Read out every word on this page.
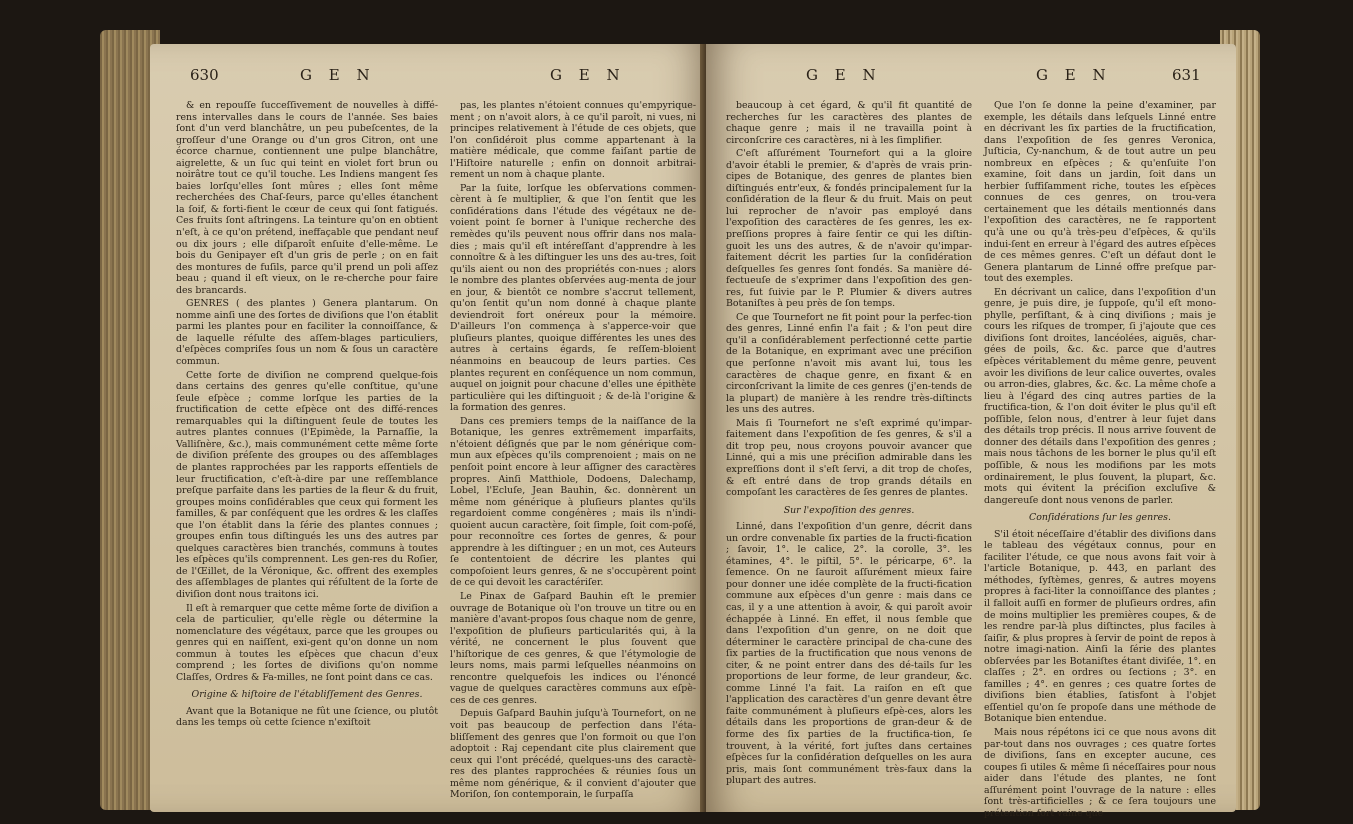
630	G E N	G E N

& en repouſſe ſucceſſivement de nouvelles à diffé-rens intervalles dans le cours de l'année. Ses baies ſont d'un verd blanchâtre, un peu pubeſcentes, de la groſſeur d'une Orange ou d'un gros Citron, ont une écorce charnue, contiennent une pulpe blanchâtre, aigrelette, & un ſuc qui teint en violet fort brun ou noirâtre tout ce qu'il touche. Les Indiens mangent ſes baies lorſqu'elles ſont mûres ; elles ſont même recherchées des Chaſ-ſeurs, parce qu'elles étanchent la ſoif, & forti-fient le cœur de ceux qui ſont fatigués. Ces fruits ſont aſtringens. La teinture qu'on en obtient n'eſt, à ce qu'on prétend, ineffaçable que pendant neuf ou dix jours ; elle diſparoît enſuite d'elle-même. Le bois du Genipayer eſt d'un gris de perle ; on en fait des montures de fuſils, parce qu'il prend un poli aſſez beau ; quand il eſt vieux, on le re-cherche pour faire des brancards.

GENRES ( des plantes ) Genera plantarum. On nomme ainſi une des ſortes de diviſions que l'on établit parmi les plantes pour en faciliter la connoiſſance, & de laquelle réſulte des aſſem-blages particuliers, d'eſpèces compriſes ſous un nom & ſous un caractère commun.

Cette ſorte de diviſion ne comprend quelque-fois dans certains des genres qu'elle conſtitue, qu'une ſeule eſpèce ; comme lorſque les parties de la fructification de cette eſpèce ont des diffé-rences remarquables qui la diſtinguent ſeule de toutes les autres plantes connues (l'Epimède, la Parnaſſie, la Valliſnère, &c.), mais communément cette même ſorte de diviſion préſente des groupes ou des aſſemblages de plantes rapprochées par les rapports eſſentiels de leur fructification, c'eſt-à-dire par une reſſemblance preſque parfaite dans les parties de la fleur & du fruit, groupes moins conſidérables que ceux qui forment les familles, & par conſéquent que les ordres & les claſſes que l'on établit dans la ſérie des plantes connues ; groupes enfin tous diſtingués les uns des autres par quelques caractères bien tranchés, communs à toutes les eſpèces qu'ils comprennent. Les gen-res du Roſier, de l'Œillet, de la Véronique, &c. offrent des exemples des aſſemblages de plantes qui réſultent de la ſorte de diviſion dont nous traitons ici.

Il eſt à remarquer que cette même ſorte de diviſion a cela de particulier, qu'elle règle ou détermine la nomenclature des végétaux, parce que les groupes ou genres qui en naiſſent, exi-gent qu'on donne un nom commun à toutes les eſpèces que chacun d'eux comprend ; les ſortes de diviſions qu'on nomme Claſſes, Ordres & Fa-milles, ne ſont point dans ce cas.

Origine & hiſtoire de l'établiſſement des Genres.

Avant que la Botanique ne fût une ſcience, ou plutôt dans les temps où cette ſcience n'exiſtoit

pas, les plantes n'étoient connues qu'empyrique-ment ; on n'avoit alors, à ce qu'il paroît, ni vues, ni principes relativement à l'étude de ces objets, que l'on conſidéroit plus comme appartenant à la matière médicale, que comme faiſant partie de l'Hiſtoire naturelle ; enfin on donnoit arbitrai-rement un nom à chaque plante.

Par la ſuite, lorſque les obſervations commen-cèrent à ſe multiplier, & que l'on ſentit que les conſidérations dans l'étude des végétaux ne de-voient point ſe borner à l'unique recherche des remèdes qu'ils peuvent nous offrir dans nos mala-dies ; mais qu'il eſt intéreſſant d'apprendre à les connoître & à les diſtinguer les uns des au-tres, ſoit qu'ils aient ou non des propriétés con-nues ; alors le nombre des plantes obſervées aug-menta de jour en jour, & bientôt ce nombre s'accrut tellement, qu'on ſentit qu'un nom donné à chaque plante deviendroit fort onéreux pour la mémoire. D'ailleurs l'on commença à s'apperce-voir que pluſieurs plantes, quoique différentes les unes des autres à certains égards, ſe reſſem-bloient néanmoins en beaucoup de leurs parties. Ces plantes reçurent en conſéquence un nom commun, auquel on joignit pour chacune d'elles une épithète particulière qui les diſtinguoit ; & de-là l'origine & la formation des genres.

Dans ces premiers temps de la naiſſance de la Botanique, les genres extrêmement imparfaits, n'étoient déſignés que par le nom générique com-mun aux eſpèces qu'ils comprenoient ; mais on ne penſoit point encore à leur aſſigner des caractères propres. Ainſi Matthiole, Dodoens, Dalechamp, Lobel, l'Ecluſe, Jean Bauhin, &c. donnèrent un même nom générique à pluſieurs plantes qu'ils regardoient comme congénères ; mais ils n'indi-quoient aucun caractère, ſoit ſimple, ſoit com-poſé, pour reconnoître ces ſortes de genres, & pour apprendre à les diſtinguer ; en un mot, ces Auteurs ſe contentoient de décrire les plantes qui compoſoient leurs genres, & ne s'occupèrent point de ce qui devoit les caractériſer.

Le Pinax de Gaſpard Bauhin eſt le premier ouvrage de Botanique où l'on trouve un titre ou en manière d'avant-propos ſous chaque nom de genre, l'expoſition de pluſieurs particularités qui, à la vérité, ne concernent le plus ſouvent que l'hiſtorique de ces genres, & que l'étymologie de leurs noms, mais parmi leſquelles néanmoins on rencontre quelquefois les indices ou l'énoncé vague de quelques caractères communs aux eſpè-ces de ces genres.

Depuis Gaſpard Bauhin juſqu'à Tournefort, on ne voit pas beaucoup de perfection dans l'éta-bliſſement des genres que l'on formoit ou que l'on adoptoit : Raj cependant cite plus clairement que ceux qui l'ont précédé, quelques-uns des caractè-res des plantes rapprochées & réunies ſous un même nom générique, & il convient d'ajouter que Moriſon, ſon contemporain, le ſurpaſſa

G E N	G E N	631

beaucoup à cet égard, & qu'il fit quantité de recherches ſur les caractères des plantes de chaque genre ; mais il ne travailla point à circonſcrire ces caractères, ni à les ſimplifier.

C'eſt aſſurément Tournefort qui a la gloire d'avoir établi le premier, & d'après de vrais prin-cipes de Botanique, des genres de plantes bien diſtingués entr'eux, & fondés principalement ſur la conſidération de la fleur & du fruit. Mais on peut lui reprocher de n'avoir pas employé dans l'expoſition des caractères de ſes genres, les ex-preſſions propres à faire ſentir ce qui les diſtin-guoit les uns des autres, & de n'avoir qu'impar-faitement décrit les parties ſur la conſidération deſquelles ſes genres ſont fondés. Sa manière dé-fectueuſe de s'exprimer dans l'expoſition des gen-res, fut ſuivie par le P. Plumier & divers autres Botaniſtes à peu près de ſon temps.

Ce que Tournefort ne fit point pour la perfec-tion des genres, Linné enfin l'a fait ; & l'on peut dire qu'il a conſidérablement perfectionné cette partie de la Botanique, en exprimant avec une préciſion que perſonne n'avoit mis avant lui, tous les caractères de chaque genre, en fixant & en circonſcrivant la limite de ces genres (j'en-tends de la plupart) de manière à les rendre très-diſtincts les uns des autres.

Mais ſi Tournefort ne s'eſt exprimé qu'impar-faitement dans l'expoſition de ſes genres, & s'il a dit trop peu, nous croyons pouvoir avancer que Linné, qui a mis une préciſion admirable dans les expreſſions dont il s'eſt ſervi, a dit trop de choſes, & eſt entré dans de trop grands détails en compoſant les caractères de ſes genres de plantes.

Sur l'expoſition des genres.

Linné, dans l'expoſition d'un genre, décrit dans un ordre convenable ſix parties de la fructi-fication ; ſavoir, 1°. le calice, 2°. la corolle, 3°. les étamines, 4°. le piſtil, 5°. le péricarpe, 6°. la ſemence. On ne ſauroit aſſurément mieux faire pour donner une idée complète de la fructi-fication commune aux eſpèces d'un genre : mais dans ce cas, il y a une attention à avoir, & qui paroît avoir échappée à Linné. En effet, il nous ſemble que dans l'expoſition d'un genre, on ne doit que déterminer le caractère principal de cha-cune des ſix parties de la fructification que nous venons de citer, & ne point entrer dans des dé-tails ſur les proportions de leur forme, de leur grandeur, &c. comme Linné l'a fait. La raiſon en eſt que l'application des caractères d'un genre devant être faite communément à pluſieurs eſpè-ces, alors les détails dans les proportions de gran-deur & de forme des ſix parties de la fructifica-tion, ſe trouvent, à la vérité, fort juſtes dans certaines eſpèces ſur la conſidération deſquelles on les aura pris, mais ſont communément très-faux dans la plupart des autres.

Que l'on ſe donne la peine d'examiner, par exemple, les détails dans leſquels Linné entre en décrivant les ſix parties de la fructification, dans l'expoſition de ſes genres Veronica, Juſticia, Cy-nanchum, & de tout autre un peu nombreux en eſpèces ; & qu'enſuite l'on examine, ſoit dans un jardin, ſoit dans un herbier ſuffiſamment riche, toutes les eſpèces connues de ces genres, on trou-vera certainement que les détails mentionnés dans l'expoſition des caractères, ne ſe rapportent qu'à une ou qu'à très-peu d'eſpèces, & qu'ils indui-ſent en erreur à l'égard des autres eſpèces de ces mêmes genres. C'eſt un défaut dont le Genera plantarum de Linné offre preſque par-tout des exemples.

En décrivant un calice, dans l'expoſition d'un genre, je puis dire, je ſuppoſe, qu'il eſt mono-phylle, perſiſtant, & à cinq diviſions ; mais je cours les riſques de tromper, ſi j'ajoute que ces diviſions ſont droites, lancéolées, aiguës, char-gées de poils, &c. &c. parce que d'autres eſpèces véritablement du même genre, peuvent avoir les diviſions de leur calice ouvertes, ovales ou arron-dies, glabres, &c. &c. La même choſe a lieu à l'égard des cinq autres parties de la fructifica-tion, & l'on doit éviter le plus qu'il eſt poſſible, ſelon nous, d'entrer à leur ſujet dans des détails trop précis. Il nous arrive ſouvent de donner des détails dans l'expoſition des genres ; mais nous tâchons de les borner le plus qu'il eſt poſſible, & nous les modifions par les mots ordinairement, le plus ſouvent, la plupart, &c. mots qui évitent la préciſion excluſive & dangereuſe dont nous venons de parler.

Conſidérations ſur les genres.

S'il étoit néceſſaire d'établir des diviſions dans le tableau des végétaux connus, pour en faciliter l'étude, ce que nous avons fait voir à l'article Botanique, p. 443, en parlant des méthodes, ſyſtèmes, genres, & autres moyens propres à faci-liter la connoiſſance des plantes ; il falloit auſſi en former de pluſieurs ordres, afin de moins multiplier les premières coupes, & de les rendre par-là plus diſtinctes, plus faciles à ſaiſir, & plus propres à ſervir de point de repos à notre imagi-nation. Ainſi la ſérie des plantes obſervées par les Botaniſtes étant diviſée, 1°. en claſſes ; 2°. en ordres ou ſections ; 3°. en familles ; 4°. en genres ; ces quatre ſortes de diviſions bien établies, ſatisfont à l'objet eſſentiel qu'on ſe propoſe dans une méthode de Botanique bien entendue.

Mais nous répétons ici ce que nous avons dit par-tout dans nos ouvrages ; ces quatre ſortes de diviſions, ſans en excepter aucune, ces coupes ſi utiles & même ſi néceſſaires pour nous aider dans l'étude des plantes, ne ſont aſſurément point l'ouvrage de la nature : elles ſont très-artificielles ; & ce ſera toujours une prétention fort vaine que
